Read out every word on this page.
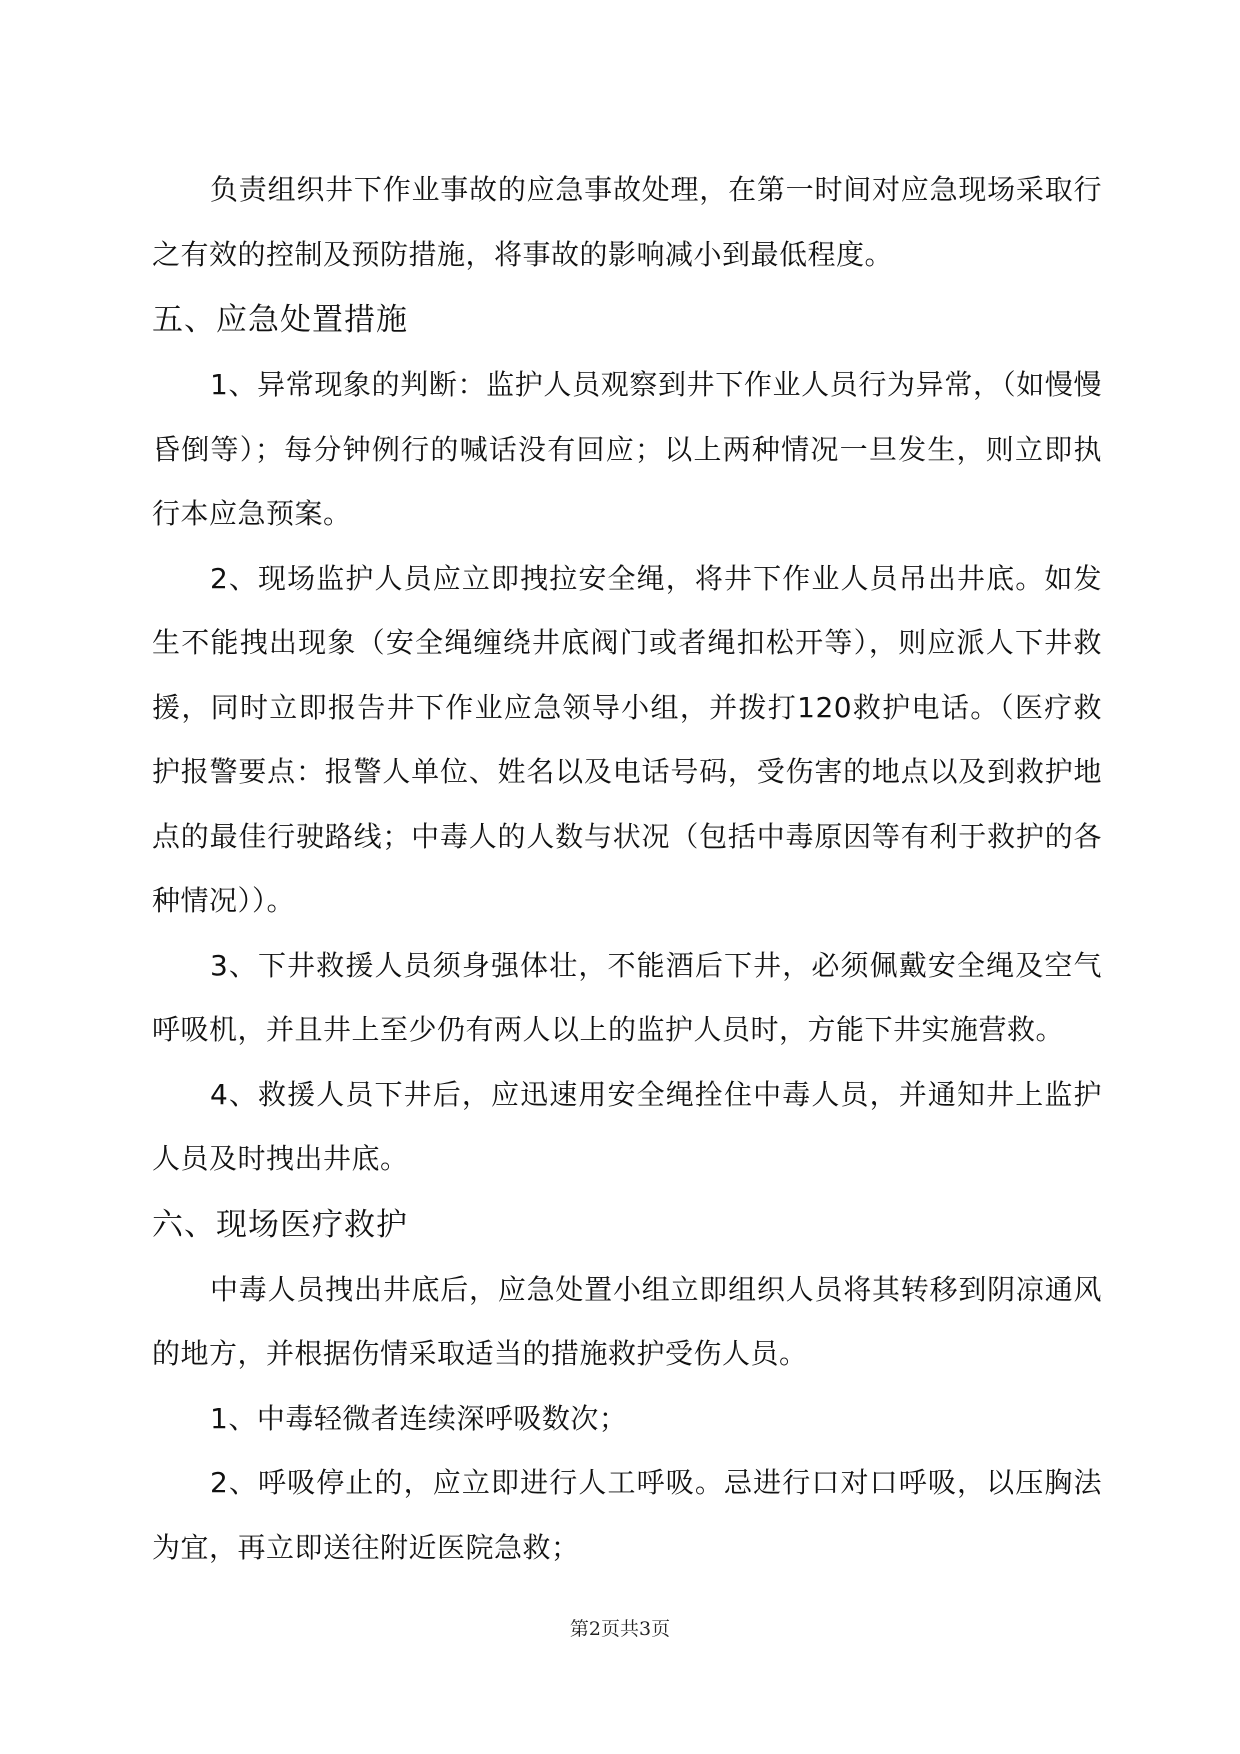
负责组织井下作业事故的应急事故处理，在第一时间对应急现场采取行之有效的控制及预防措施，将事故的影响减小到最低程度。

五、应急处置措施

1、异常现象的判断：监护人员观察到井下作业人员行为异常，（如慢慢昏倒等）；每分钟例行的喊话没有回应；以上两种情况一旦发生，则立即执行本应急预案。

2、现场监护人员应立即拽拉安全绳，将井下作业人员吊出井底。如发生不能拽出现象（安全绳缠绕井底阀门或者绳扣松开等），则应派人下井救援，同时立即报告井下作业应急领导小组，并拨打120救护电话。（医疗救护报警要点：报警人单位、姓名以及电话号码，受伤害的地点以及到救护地点的最佳行驶路线；中毒人的人数与状况（包括中毒原因等有利于救护的各种情况））。

3、下井救援人员须身强体壮，不能酒后下井，必须佩戴安全绳及空气呼吸机，并且井上至少仍有两人以上的监护人员时，方能下井实施营救。

4、救援人员下井后，应迅速用安全绳拴住中毒人员，并通知井上监护人员及时拽出井底。

六、现场医疗救护

中毒人员拽出井底后，应急处置小组立即组织人员将其转移到阴凉通风的地方，并根据伤情采取适当的措施救护受伤人员。

1、中毒轻微者连续深呼吸数次；

2、呼吸停止的，应立即进行人工呼吸。忌进行口对口呼吸，以压胸法为宜，再立即送往附近医院急救；

第2页共3页
